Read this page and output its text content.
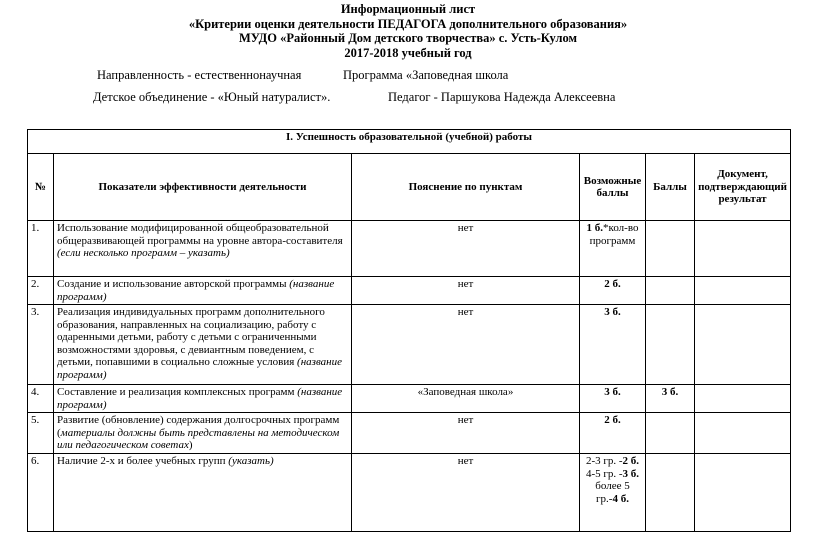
Информационный лист
«Критерии оценки деятельности ПЕДАГОГА дополнительного образования»
МУДО «Районный Дом детского творчества» с. Усть-Кулом
2017-2018 учебный год
Направленность - естественнонаучная	Программа «Заповедная школа
Детское объединение - «Юный натуралист».	Педагог - Паршукова Надежда Алексеевна
I. Успешность образовательной (учебной) работы					
№	Показатели эффективности деятельности	Пояснение по пунктам	Возможные баллы	Баллы	Документ, подтверждающий результат
1.	Использование модифицированной общеобразовательной общеразвивающей программы на уровне автора-составителя (если несколько программ – указать)	нет	1 б.*кол-во программ		
2.	Создание и использование авторской программы (название программ)	нет	2 б.		
3.	Реализация индивидуальных программ дополнительного образования, направленных на социализацию, работу с одаренными детьми, работу с детьми с ограниченными возможностями здоровья, с девиантным поведением, с детьми, попавшими в социально сложные условия (название программ)	нет	3 б.		
4.	Составление и реализация комплексных программ (название программ)	«Заповедная школа»	3 б.	3 б.	
5.	Развитие (обновление) содержания долгосрочных программ (материалы должны быть представлены на методическом или педагогическом советах)	нет	2 б.		
6.	Наличие 2-х и более учебных групп (указать)	нет	2-3 гр. -2 б.
4-5 гр. -3 б.
более 5 гр.-4 б.		
